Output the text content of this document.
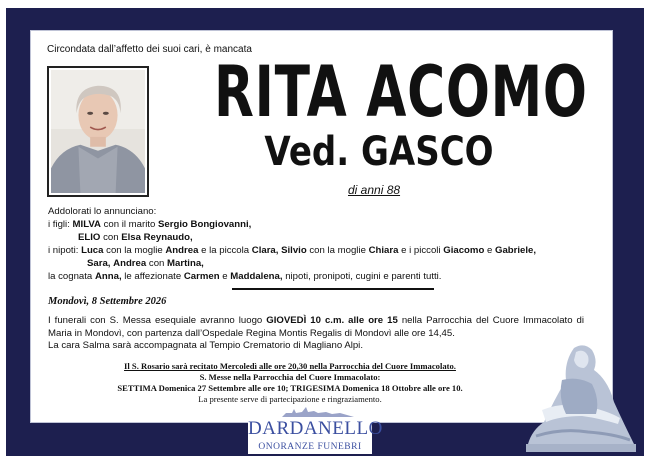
Circondata dall’affetto dei suoi cari, è mancata
RITA ACOMO
Ved. GASCO
di anni 88
Addolorati lo annunciano:
i figli: MILVA con il marito Sergio Bongiovanni,
ELIO con Elsa Reynaudo,
i nipoti: Luca con la moglie Andrea e la piccola Clara, Silvio con la moglie Chiara e i piccoli Giacomo e Gabriele,
Sara, Andrea con Martina,
la cognata Anna, le affezionate Carmen e Maddalena, nipoti, pronipoti, cugini e parenti tutti.
Mondovì, 8 Settembre 2026
I funerali con S. Messa esequiale avranno luogo GIOVEDÌ 10 c.m. alle ore 15 nella Parrocchia del Cuore Immacolato di Maria in Mondovì, con partenza dall’Ospedale Regina Montis Regalis di Mondovì alle ore 14,45.
La cara Salma sarà accompagnata al Tempio Crematorio di Magliano Alpi.
Il S. Rosario sarà recitato Mercoledì alle ore 20,30 nella Parrocchia del Cuore Immacolato.
S. Messe nella Parrocchia del Cuore Immacolato:
SETTIMA Domenica 27 Settembre alle ore 10; TRIGESIMA Domenica 18 Ottobre alle ore 10.
La presente serve di partecipazione e ringraziamento.
DARDANELLO
ONORANZE FUNEBRI
